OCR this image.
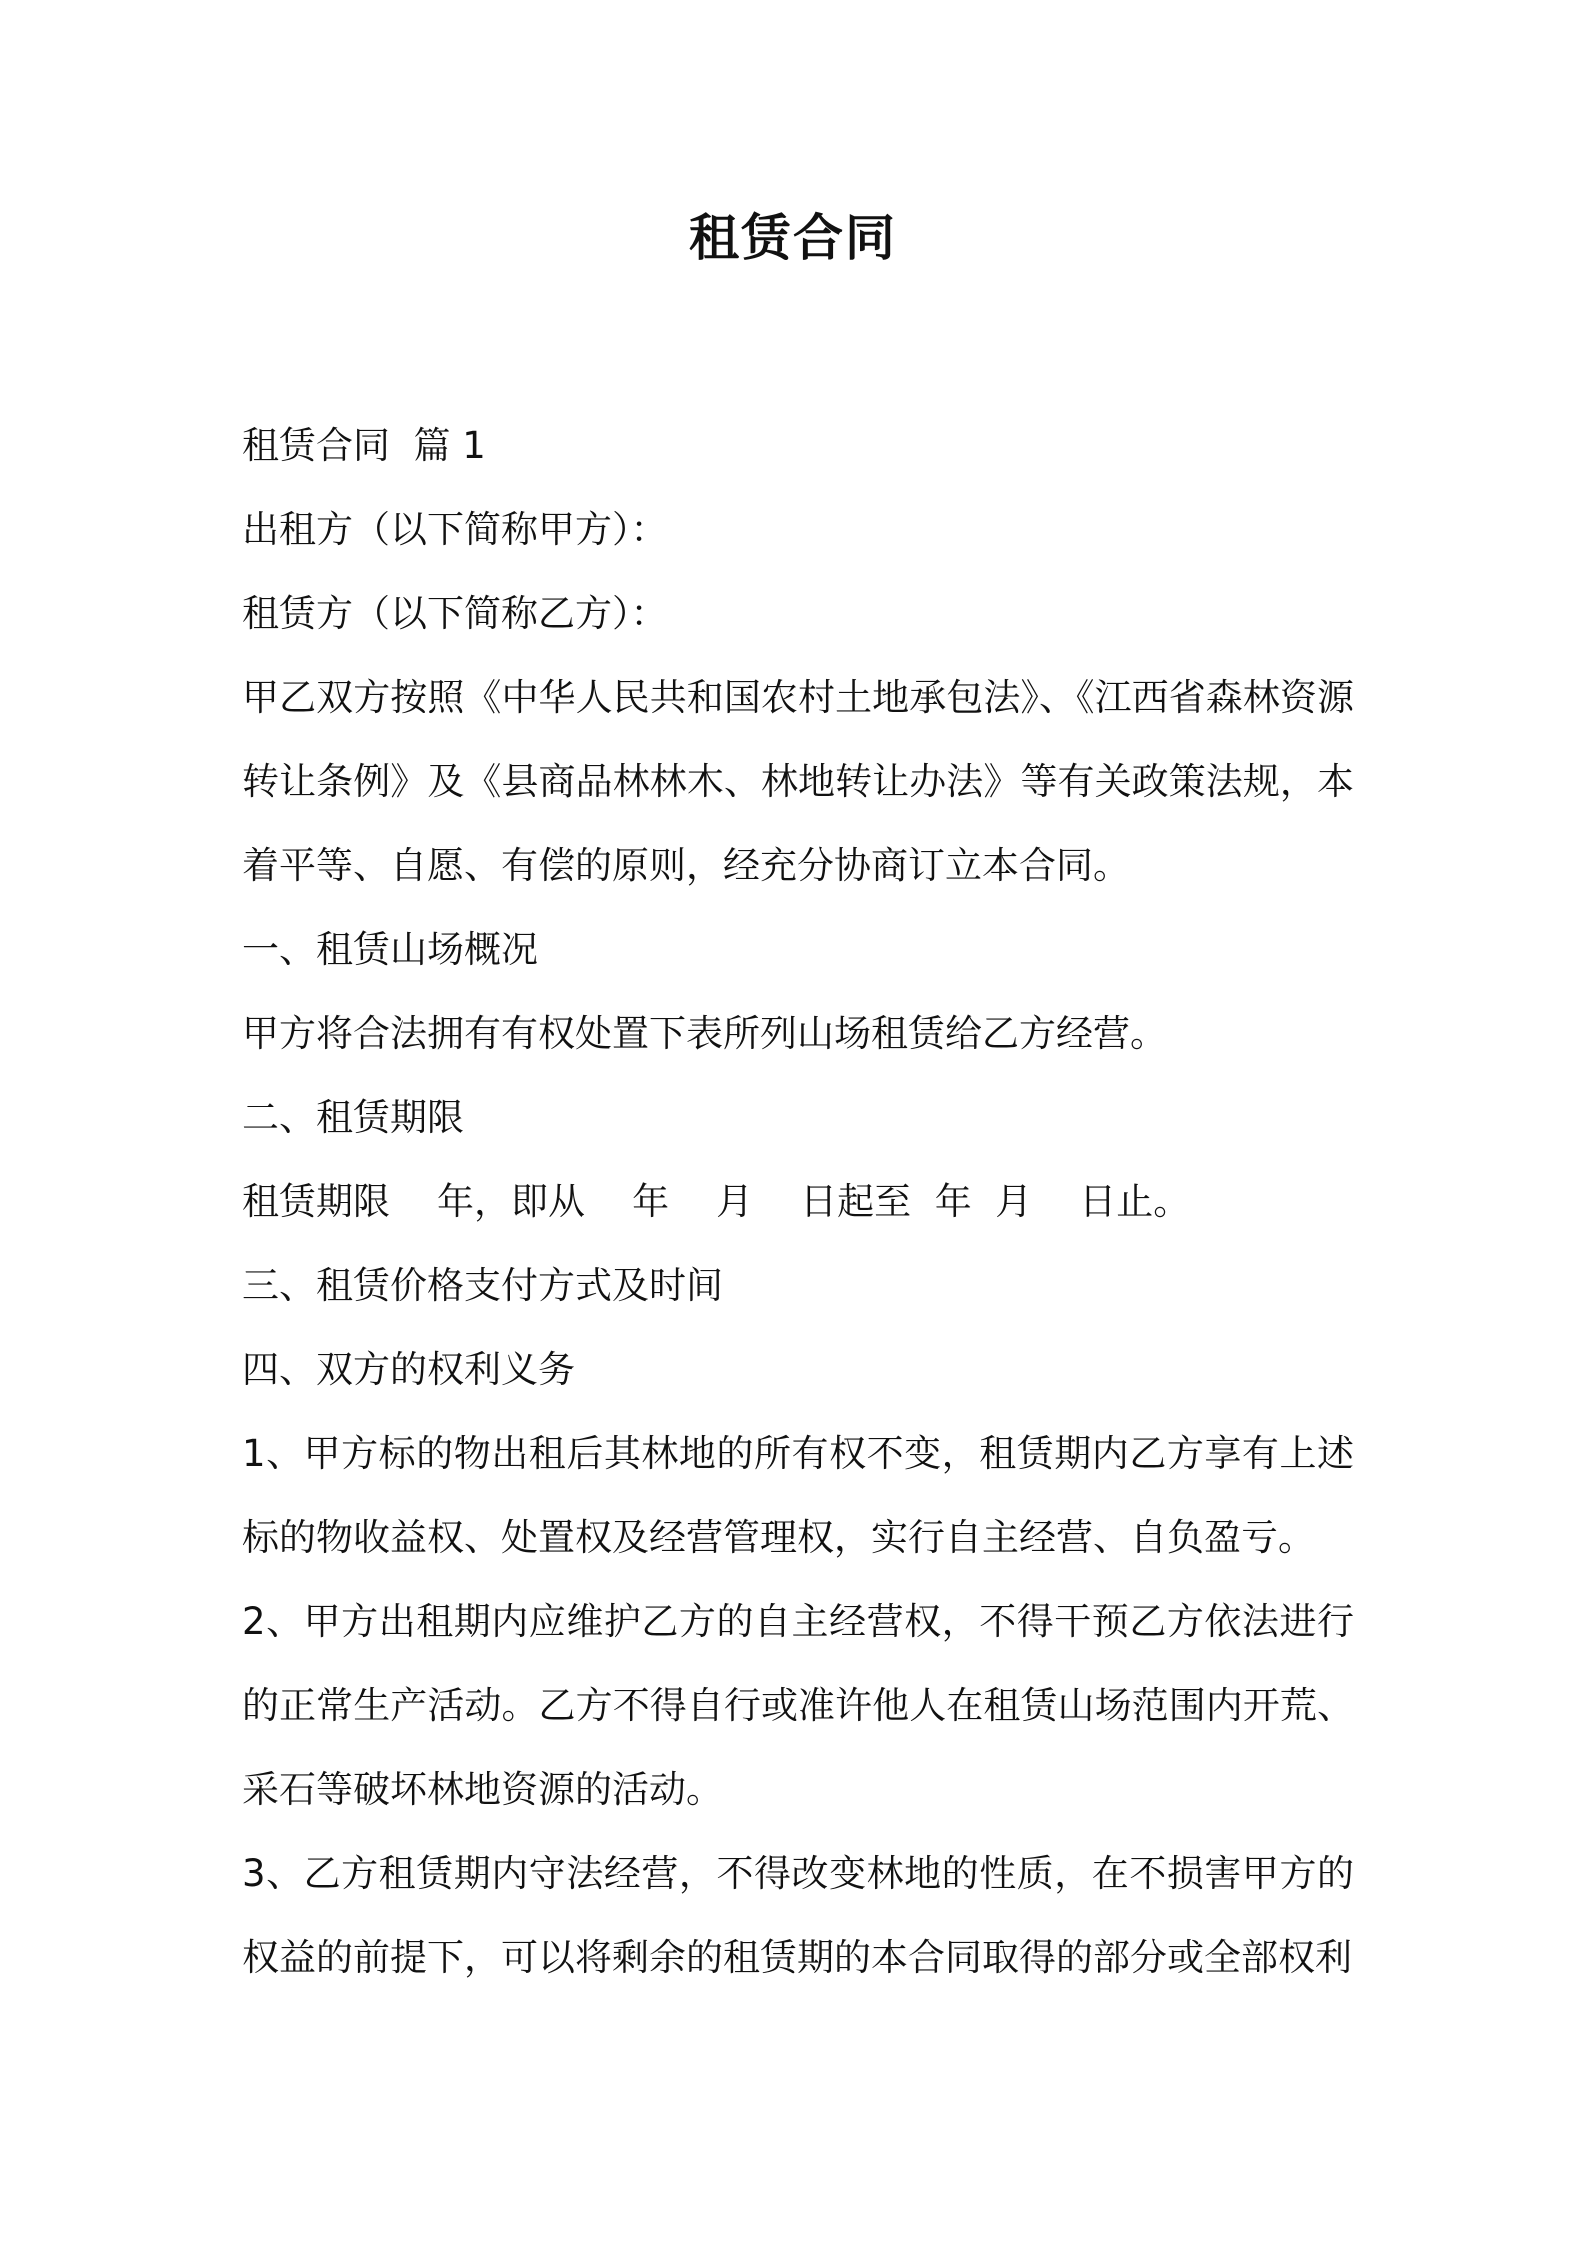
租赁合同

租赁合同  篇 1

出租方（以下简称甲方）：

租赁方（以下简称乙方）：

甲乙双方按照《中华人民共和国农村土地承包法》、《江西省森林资源转让条例》及《县商品林林木、林地转让办法》等有关政策法规，本着平等、自愿、有偿的原则，经充分协商订立本合同。

一、租赁山场概况

甲方将合法拥有有权处置下表所列山场租赁给乙方经营。

二、租赁期限

租赁期限    年，即从    年    月    日起至  年  月    日止。

三、租赁价格支付方式及时间

四、双方的权利义务

1、甲方标的物出租后其林地的所有权不变，租赁期内乙方享有上述标的物收益权、处置权及经营管理权，实行自主经营、自负盈亏。

2、甲方出租期内应维护乙方的自主经营权，不得干预乙方依法进行的正常生产活动。乙方不得自行或准许他人在租赁山场范围内开荒、采石等破坏林地资源的活动。

3、乙方租赁期内守法经营，不得改变林地的性质，在不损害甲方的权益的前提下，可以将剩余的租赁期的本合同取得的部分或全部权利
